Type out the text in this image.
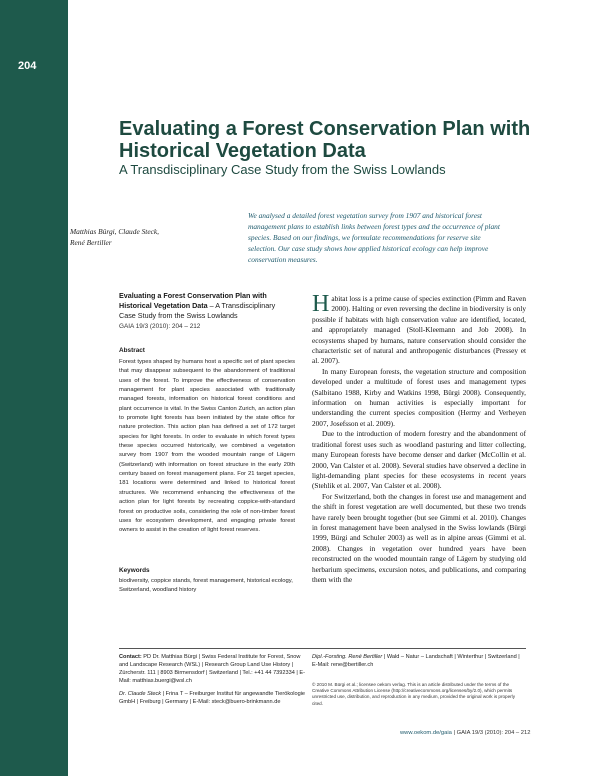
204
Evaluating a Forest Conservation Plan with Historical Vegetation Data
A Transdisciplinary Case Study from the Swiss Lowlands
Matthias Bürgi, Claude Steck,
René Bertiller
We analysed a detailed forest vegetation survey from 1907 and historical forest management plans to establish links between forest types and the occurrence of plant species. Based on our findings, we formulate recommendations for reserve site selection. Our case study shows how applied historical ecology can help improve conservation measures.
Evaluating a Forest Conservation Plan with Historical Vegetation Data – A Transdisciplinary Case Study from the Swiss Lowlands
GAIA 19/3 (2010): 204 – 212
Abstract
Forest types shaped by humans host a specific set of plant species that may disappear subsequent to the abandonment of traditional uses of the forest. To improve the effectiveness of conservation management for plant species associated with traditionally managed forests, information on historical forest conditions and plant occurrence is vital. In the Swiss Canton Zurich, an action plan to promote light forests has been initiated by the state office for nature protection. This action plan has defined a set of 172 target species for light forests. In order to evaluate in which forest types these species occurred historically, we combined a vegetation survey from 1907 from the wooded mountain range of Lägern (Switzerland) with information on forest structure in the early 20th century based on forest management plans. For 21 target species, 181 locations were determined and linked to historical forest structures. We recommend enhancing the effectiveness of the action plan for light forests by recreating coppice-with-standard forest on productive soils, considering the role of non-timber forest uses for ecosystem development, and engaging private forest owners to assist in the creation of light forest reserves.
Keywords
biodiversity, coppice stands, forest management, historical ecology, Switzerland, woodland history

Habitat loss is a prime cause of species extinction (Pimm and Raven 2000). Halting or even reversing the decline in biodiversity is only possible if habitats with high conservation value are identified, located, and appropriately managed (Stoll-Kleemann and Job 2008). In ecosystems shaped by humans, nature conservation should consider the characteristic set of natural and anthropogenic disturbances (Pressey et al. 2007).

In many European forests, the vegetation structure and composition developed under a multitude of forest uses and management types (Salbitano 1988, Kirby and Watkins 1998, Bürgi 2008). Consequently, information on human activities is especially important for understanding the current species composition (Hermy and Verheyen 2007, Josefsson et al. 2009).

Due to the introduction of modern forestry and the abandonment of traditional forest uses such as woodland pasturing and litter collecting, many European forests have become denser and darker (McCollin et al. 2000, Van Calster et al. 2008). Several studies have observed a decline in light-demanding plant species for these ecosystems in recent years (Stehlik et al. 2007, Van Calster et al. 2008).

For Switzerland, both the changes in forest use and management and the shift in forest vegetation are well documented, but these two trends have rarely been brought together (but see Gimmi et al. 2010). Changes in forest management have been analysed in the Swiss lowlands (Bürgi 1999, Bürgi and Schuler 2003) as well as in alpine areas (Gimmi et al. 2008). Changes in vegetation over hundred years have been reconstructed on the wooded mountain range of Lägern by studying old herbarium specimens, excursion notes, and publications, and comparing them with the

Contact: PD Dr. Matthias Bürgi | Swiss Federal Institute for Forest, Snow and Landscape Research (WSL) | Research Group Land Use History | Zürcherstr. 111 | 8903 Birmensdorf | Switzerland | Tel.: +41 44 7392334 | E-Mail: matthias.buergi@wsl.ch
Dr. Claude Steck | Frina T – Freiburger Institut für angewandte Tierökologie GmbH | Freiburg | Germany | E-Mail: steck@buero-brinkmann.de
Dipl.-Forsting. René Bertiller | Wald – Natur – Landschaft | Winterthur | Switzerland | E-Mail: rene@bertiller.ch
© 2010 M. Bürgi et al.; licensee oekom verlag. This is an article distributed under the terms of the Creative Commons Attribution License (http://creativecommons.org/licenses/by/2.0), which permits unrestricted use, distribution, and reproduction in any medium, provided the original work is properly cited.
www.oekom.de/gaia | GAIA 19/3 (2010): 204 – 212
